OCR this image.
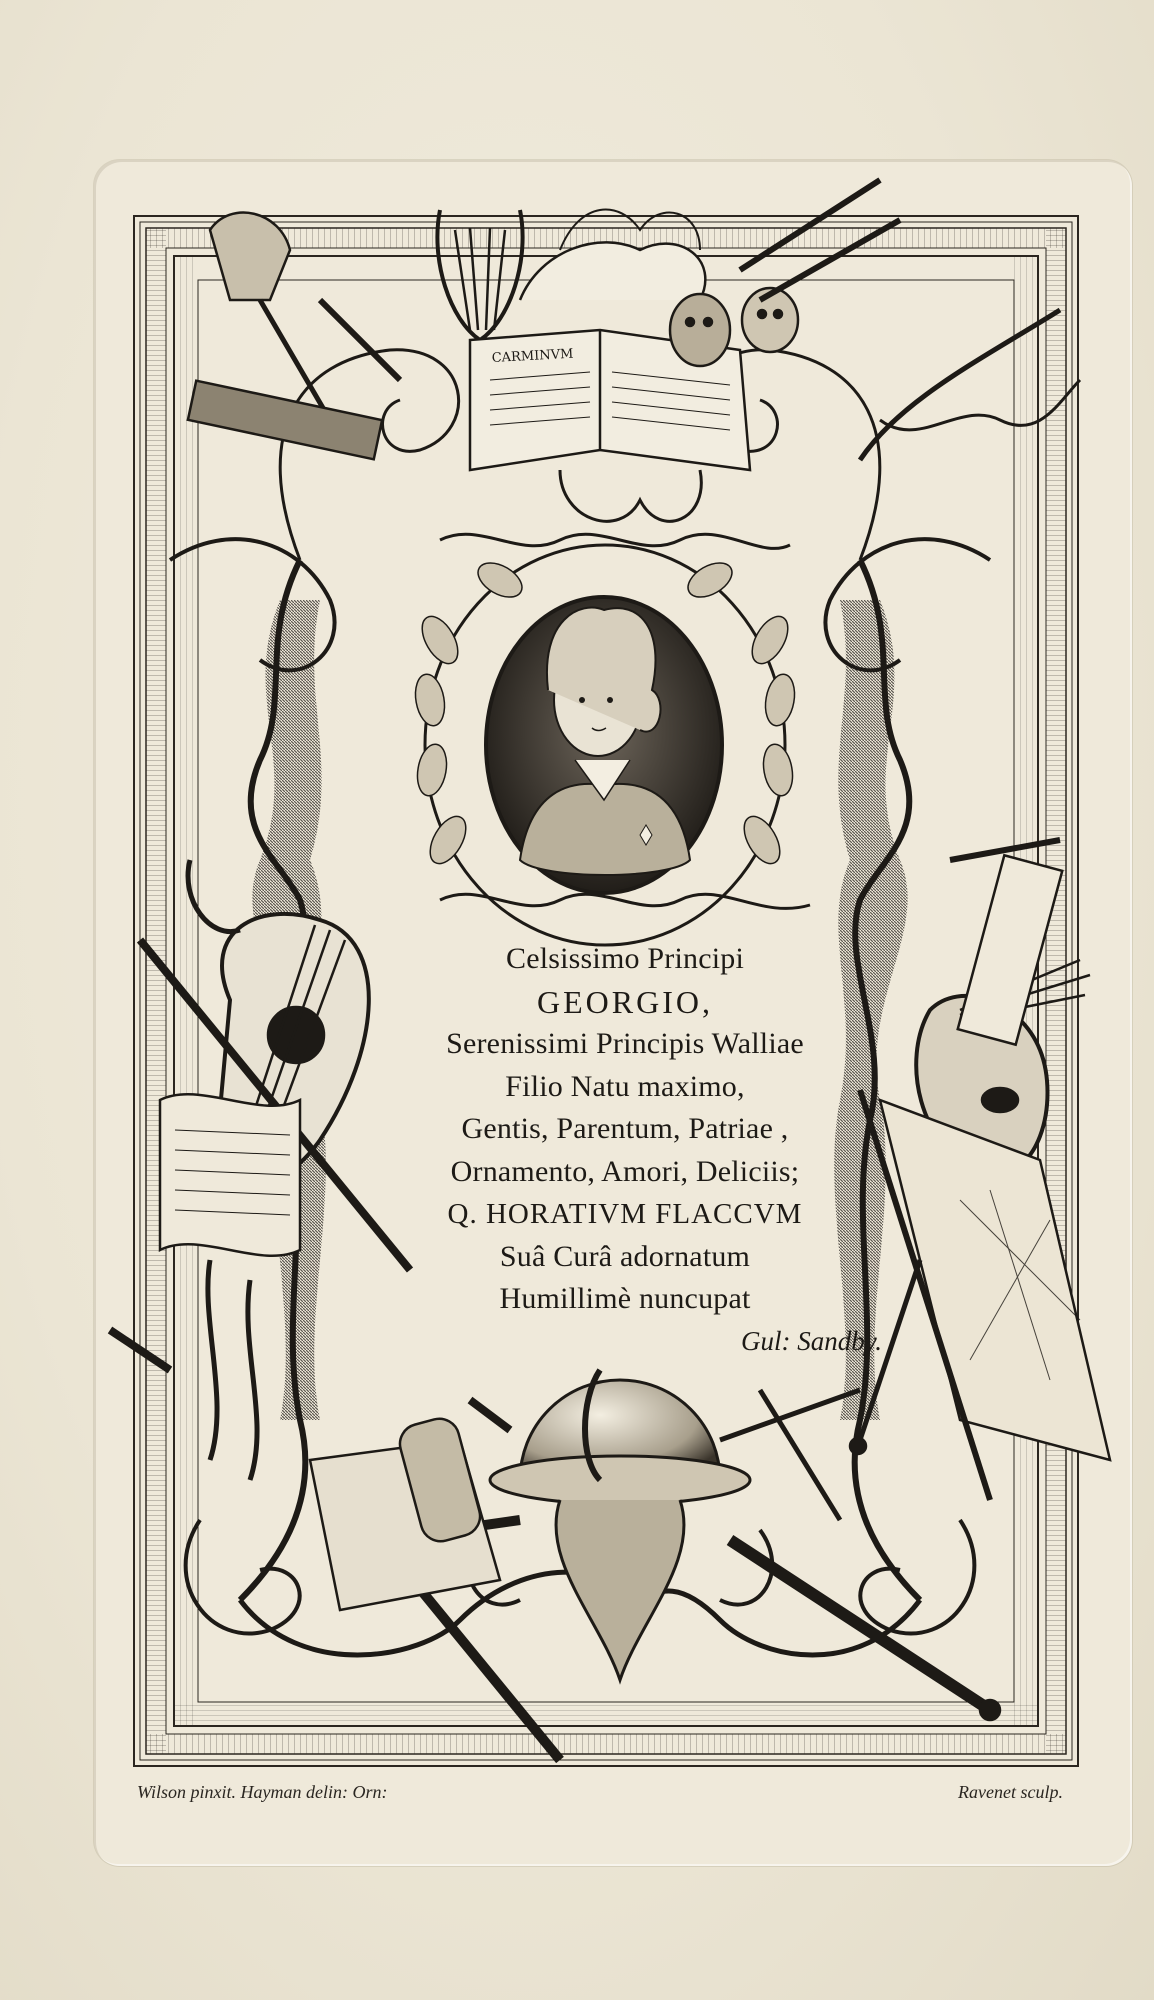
CARMINVM
Celsissimo Principi
GEORGIO,
Serenissimi Principis Walliae
Filio Natu maximo,
Gentis, Parentum, Patriae ,
Ornamento, Amori, Deliciis;
Q. HORATIVM FLACCVM
Suâ Curâ adornatum
Humillimè nuncupat
Gul: Sandby.
Wilson pinxit. Hayman delin: Orn:	Ravenet sculp.
